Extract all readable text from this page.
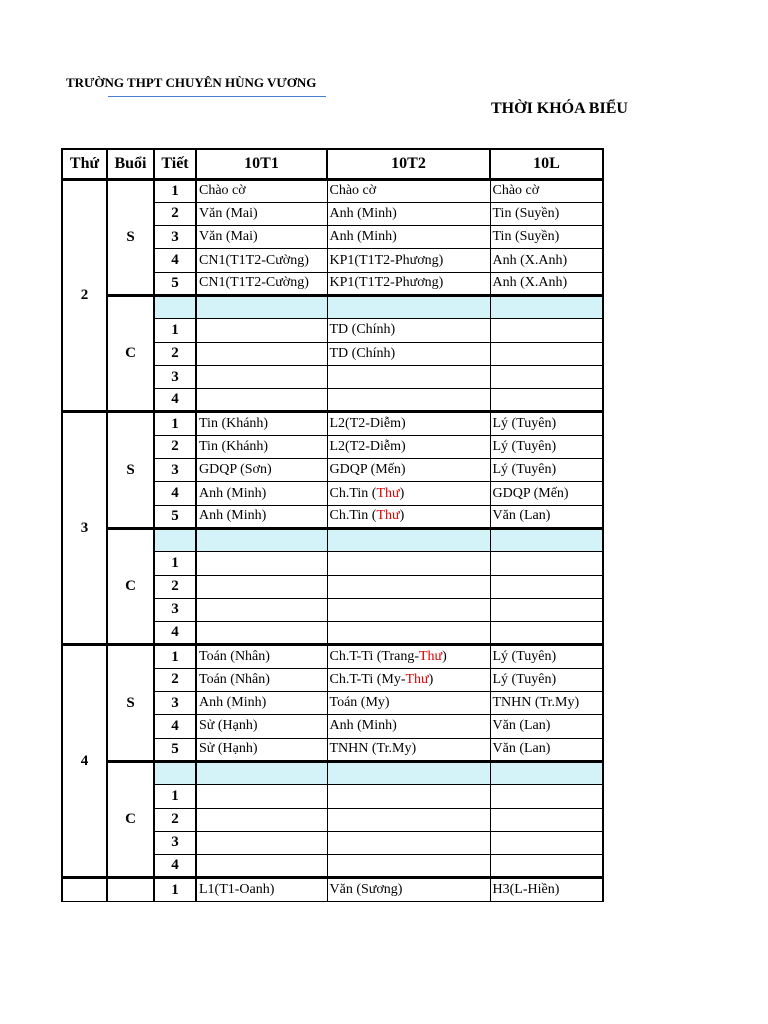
TRƯỜNG THPT CHUYÊN HÙNG VƯƠNG
THỜI KHÓA BIỂU
Thứ	Buổi	Tiết	10T1	10T2	10L
2	S	1	Chào cờ	Chào cờ	Chào cờ
		2	Văn (Mai)	Anh (Minh)	Tin (Suyền)
		3	Văn (Mai)	Anh (Minh)	Tin (Suyền)
		4	CN1(T1T2-Cường)	KP1(T1T2-Phương)	Anh (X.Anh)
		5	CN1(T1T2-Cường)	KP1(T1T2-Phương)	Anh (X.Anh)
	C				
		1		TD (Chính)	
		2		TD (Chính)	
		3			
		4			
3	S	1	Tin (Khánh)	L2(T2-Diễm)	Lý (Tuyên)
		2	Tin (Khánh)	L2(T2-Diễm)	Lý (Tuyên)
		3	GDQP (Sơn)	GDQP (Mến)	Lý (Tuyên)
		4	Anh (Minh)	Ch.Tin (Thư)	GDQP (Mến)
		5	Anh (Minh)	Ch.Tin (Thư)	Văn (Lan)
	C				
		1			
		2			
		3			
		4			
4	S	1	Toán (Nhân)	Ch.T-Ti (Trang-Thư)	Lý (Tuyên)
		2	Toán (Nhân)	Ch.T-Ti (My-Thư)	Lý (Tuyên)
		3	Anh (Minh)	Toán (My)	TNHN (Tr.My)
		4	Sử (Hạnh)	Anh (Minh)	Văn (Lan)
		5	Sử (Hạnh)	TNHN (Tr.My)	Văn (Lan)
	C				
		1			
		2			
		3			
		4			
		1	L1(T1-Oanh)	Văn (Sương)	H3(L-Hiền)
